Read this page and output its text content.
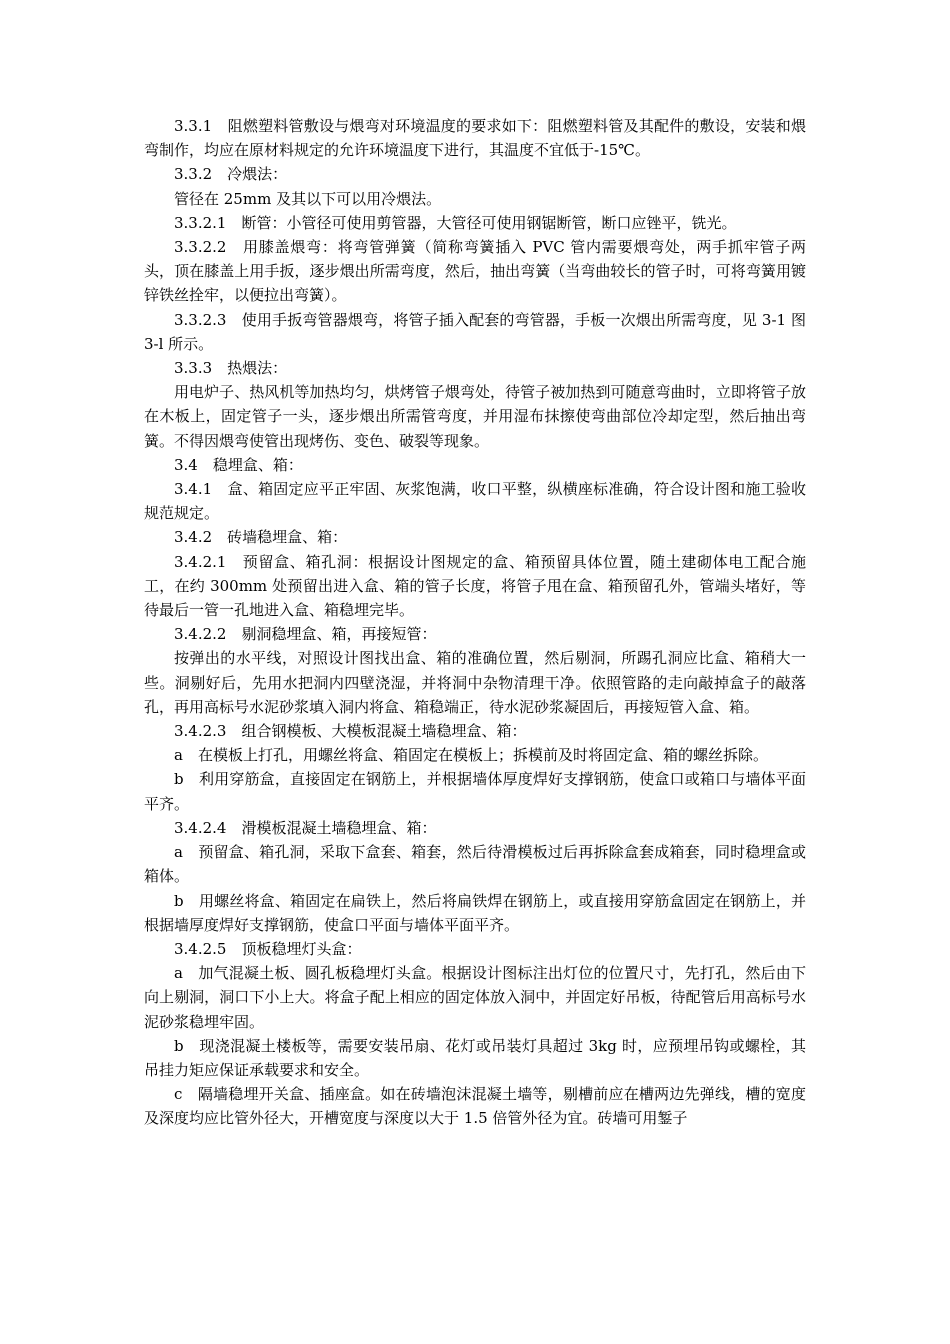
3.3.1　阻燃塑料管敷设与煨弯对环境温度的要求如下：阻燃塑料管及其配件的敷设，安装和煨弯制作，均应在原材料规定的允许环境温度下进行，其温度不宜低于-15℃。

3.3.2　冷煨法：

管径在 25mm 及其以下可以用冷煨法。

3.3.2.1　断管：小管径可使用剪管器，大管径可使用钢锯断管，断口应锉平，铣光。

3.3.2.2　用膝盖煨弯：将弯管弹簧（简称弯簧插入 PVC 管内需要煨弯处，两手抓牢管子两头，顶在膝盖上用手扳，逐步煨出所需弯度，然后，抽出弯簧（当弯曲较长的管子时，可将弯簧用镀锌铁丝拴牢，以便拉出弯簧）。

3.3.2.3　使用手扳弯管器煨弯，将管子插入配套的弯管器，手板一次煨出所需弯度，见 3-1 图 3-l 所示。

3.3.3　热煨法：

用电炉子、热风机等加热均匀，烘烤管子煨弯处，待管子被加热到可随意弯曲时，立即将管子放在木板上，固定管子一头，逐步煨出所需管弯度，并用湿布抹擦使弯曲部位冷却定型，然后抽出弯簧。不得因煨弯使管出现烤伤、变色、破裂等现象。

3.4　稳埋盒、箱：

3.4.1　盒、箱固定应平正牢固、灰浆饱满，收口平整，纵横座标准确，符合设计图和施工验收规范规定。

3.4.2　砖墙稳埋盒、箱：

3.4.2.1　预留盒、箱孔洞：根据设计图规定的盒、箱预留具体位置，随土建砌体电工配合施工，在约 300mm 处预留出进入盒、箱的管子长度，将管子甩在盒、箱预留孔外，管端头堵好，等待最后一管一孔地进入盒、箱稳埋完毕。

3.4.2.2　剔洞稳埋盒、箱，再接短管：

按弹出的水平线，对照设计图找出盒、箱的准确位置，然后剔洞，所踢孔洞应比盒、箱稍大一些。洞剔好后，先用水把洞内四壁浇湿，并将洞中杂物清理干净。依照管路的走向敲掉盒子的敲落孔，再用高标号水泥砂浆填入洞内将盒、箱稳端正，待水泥砂浆凝固后，再接短管入盒、箱。

3.4.2.3　组合钢模板、大模板混凝土墙稳埋盒、箱：

a　在模板上打孔，用螺丝将盒、箱固定在模板上；拆模前及时将固定盒、箱的螺丝拆除。

b　利用穿筋盒，直接固定在钢筋上，并根据墙体厚度焊好支撑钢筋，使盒口或箱口与墙体平面平齐。

3.4.2.4　滑模板混凝土墙稳埋盒、箱：

a　预留盒、箱孔洞，采取下盒套、箱套，然后待滑模板过后再拆除盒套成箱套，同时稳埋盒或箱体。

b　用螺丝将盒、箱固定在扁铁上，然后将扁铁焊在钢筋上，或直接用穿筋盒固定在钢筋上，并根据墙厚度焊好支撑钢筋，使盒口平面与墙体平面平齐。

3.4.2.5　顶板稳埋灯头盒：

a　加气混凝土板、圆孔板稳埋灯头盒。根据设计图标注出灯位的位置尺寸，先打孔，然后由下向上剔洞，洞口下小上大。将盒子配上相应的固定体放入洞中，并固定好吊板，待配管后用高标号水泥砂浆稳埋牢固。

b　现浇混凝土楼板等，需要安装吊扇、花灯或吊装灯具超过 3kg 时，应预埋吊钩或螺栓，其吊挂力矩应保证承载要求和安全。

c　隔墙稳埋开关盒、插座盒。如在砖墙泡沫混凝土墙等，剔槽前应在槽两边先弹线，槽的宽度及深度均应比管外径大，开槽宽度与深度以大于 1.5 倍管外径为宜。砖墙可用錾子
